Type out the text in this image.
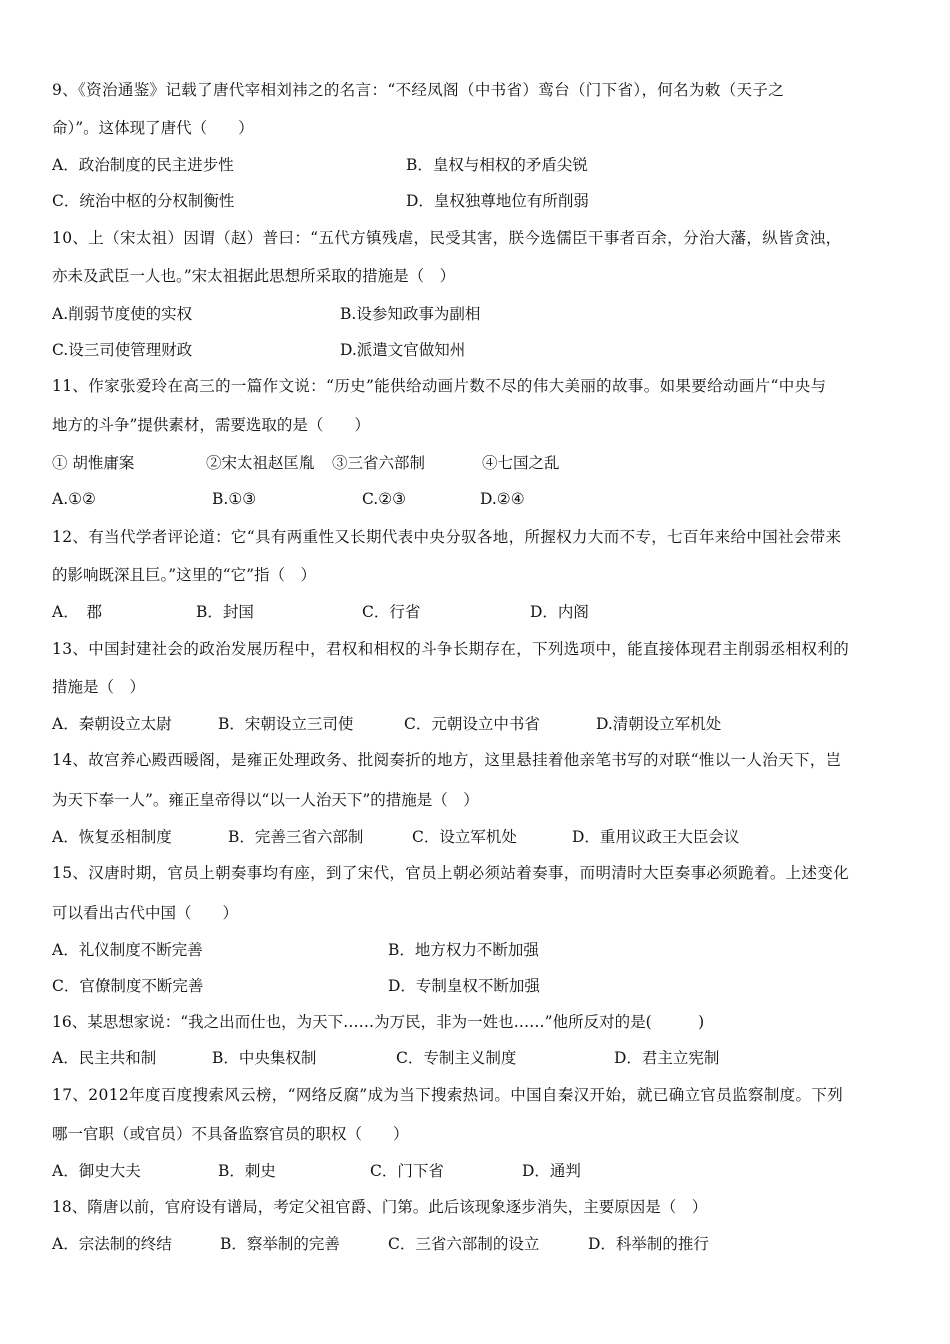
9、《资治通鉴》记载了唐代宰相刘祎之的名言：“不经凤阁（中书省）鸾台（门下省），何名为敕（天子之
命）”。这体现了唐代（　　）
A．政治制度的民主进步性	B．皇权与相权的矛盾尖锐
C．统治中枢的分权制衡性	D．皇权独尊地位有所削弱
10、上（宋太祖）因谓（赵）普曰：“五代方镇残虐，民受其害，朕今选儒臣干事者百余，分治大藩，纵皆贪浊，
亦未及武臣一人也。”宋太祖据此思想所采取的措施是（　）
A.削弱节度使的实权	B.设参知政事为副相
C.设三司使管理财政	D.派遣文官做知州
11、作家张爱玲在高三的一篇作文说：“历史”能供给动画片数不尽的伟大美丽的故事。如果要给动画片“中央与
地方的斗争”提供素材，需要选取的是（　　）
① 胡惟庸案	②宋太祖赵匡胤 ③三省六部制	④七国之乱
A.①②	B.①③	C.②③	D.②④
12、有当代学者评论道：它“具有两重性又长期代表中央分驭各地，所握权力大而不专，七百年来给中国社会带来
的影响既深且巨。”这里的“它”指（　）
A．　郡	B．封国	C．行省	D．内阁
13、中国封建社会的政治发展历程中，君权和相权的斗争长期存在，下列选项中，能直接体现君主削弱丞相权利的
措施是（　）
A．秦朝设立太尉	B．宋朝设立三司使	C．元朝设立中书省	D.清朝设立军机处
14、故宫养心殿西暖阁，是雍正处理政务、批阅奏折的地方，这里悬挂着他亲笔书写的对联“惟以一人治天下，岂
为天下奉一人”。雍正皇帝得以“以一人治天下”的措施是（　）
A．恢复丞相制度	B．完善三省六部制	C．设立军机处	D．重用议政王大臣会议
15、汉唐时期，官员上朝奏事均有座，到了宋代，官员上朝必须站着奏事，而明清时大臣奏事必须跪着。上述变化
可以看出古代中国（　　）
A．礼仪制度不断完善	B．地方权力不断加强
C．官僚制度不断完善	D．专制皇权不断加强
16、某思想家说：“我之出而仕也，为天下……为万民，非为一姓也……”他所反对的是(　　　)
A．民主共和制	B．中央集权制	C．专制主义制度	D．君主立宪制
17、2012年度百度搜索风云榜，“网络反腐”成为当下搜索热词。中国自秦汉开始，就已确立官员监察制度。下列
哪一官职（或官员）不具备监察官员的职权（　　）
A．御史大夫	B．刺史	C．门下省	D．通判
18、隋唐以前，官府设有谱局，考定父祖官爵、门第。此后该现象逐步消失，主要原因是（　）
A．宗法制的终结	B．察举制的完善	C．三省六部制的设立	D．科举制的推行
